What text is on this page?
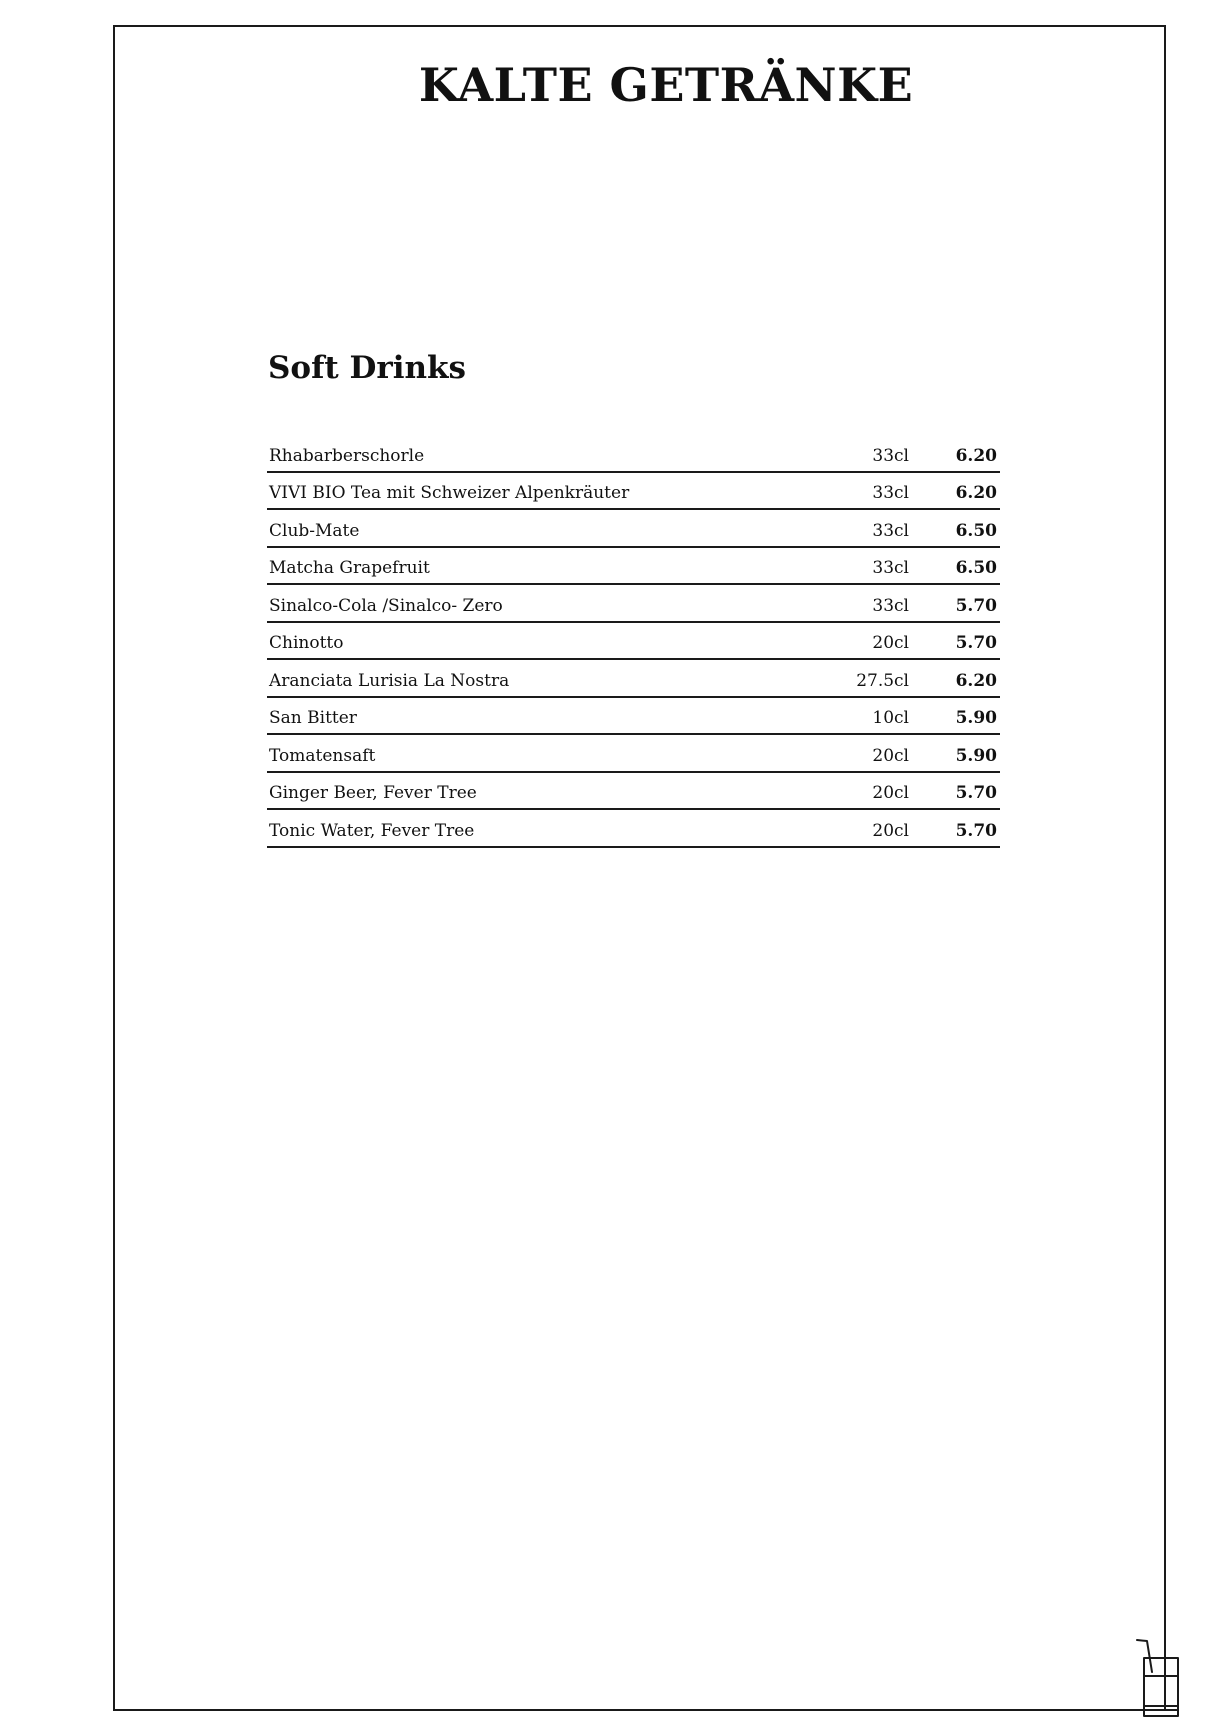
KALTE GETRÄNKE
Soft Drinks
Rhabarberschorle	33cl	6.20
VIVI BIO Tea mit Schweizer Alpenkräuter	33cl	6.20
Club-Mate	33cl	6.50
Matcha Grapefruit	33cl	6.50
Sinalco-Cola /Sinalco- Zero	33cl	5.70
Chinotto	20cl	5.70
Aranciata Lurisia La Nostra	27.5cl	6.20
San Bitter	10cl	5.90
Tomatensaft	20cl	5.90
Ginger Beer, Fever Tree	20cl	5.70
Tonic Water, Fever Tree	20cl	5.70
